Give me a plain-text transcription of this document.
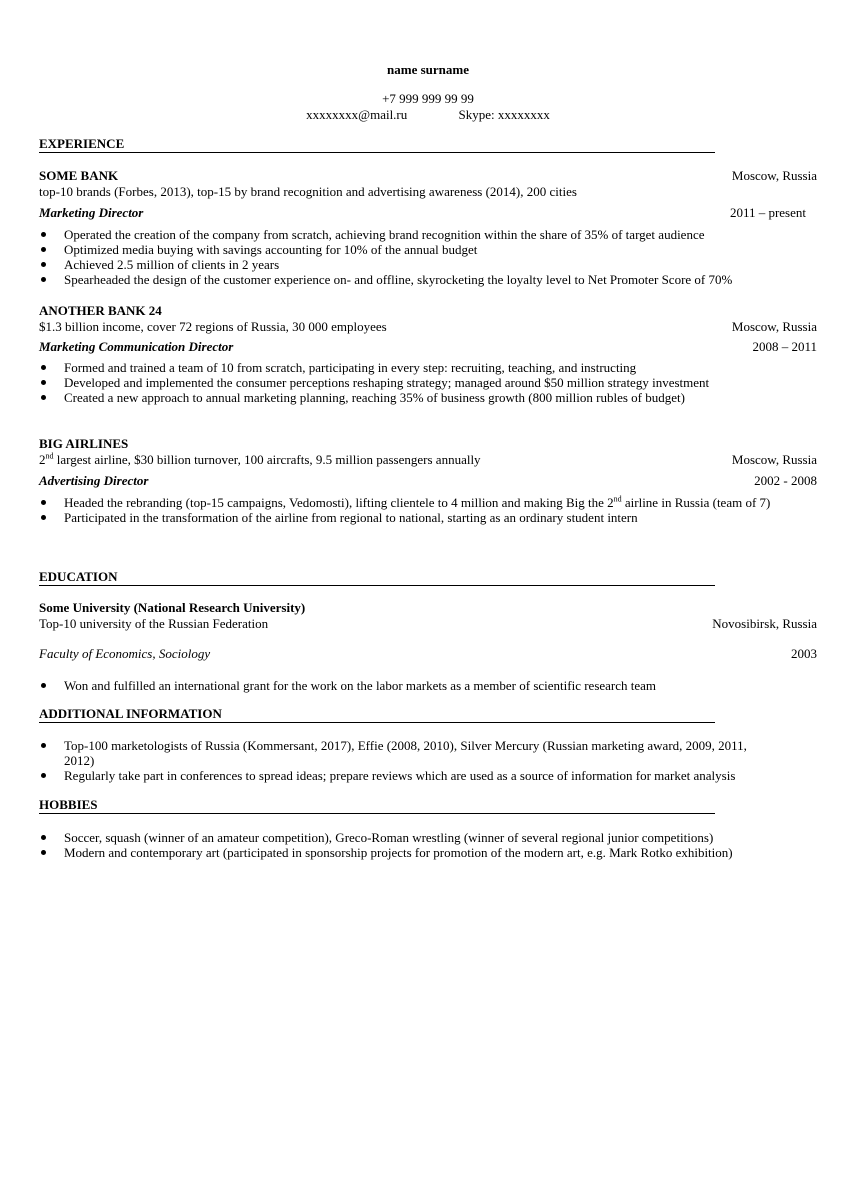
name surname
+7 999 999 99 99
xxxxxxxx@mail.ru	Skype: xxxxxxxx
EXPERIENCE
SOME BANK	Moscow, Russia
top-10 brands (Forbes, 2013), top-15 by brand recognition and advertising awareness (2014), 200 cities
Marketing Director	2011 – present
Operated the creation of the company from scratch, achieving brand recognition within the share of 35% of target audience
Optimized media buying with savings accounting for 10% of the annual budget
Achieved 2.5 million of clients in 2 years
Spearheaded the design of the customer experience on- and offline, skyrocketing the loyalty level to Net Promoter Score of 70%
ANOTHER BANK 24
$1.3 billion income, cover 72 regions of Russia, 30 000 employees	Moscow, Russia
Marketing Communication Director	2008 – 2011
Formed and trained a team of 10 from scratch, participating in every step: recruiting, teaching, and instructing
Developed and implemented the consumer perceptions reshaping strategy; managed around $50 million strategy investment
Created a new approach to annual marketing planning, reaching 35% of business growth (800 million rubles of budget)
BIG AIRLINES
2nd largest airline, $30 billion turnover, 100 aircrafts, 9.5 million passengers annually	Moscow, Russia
Advertising Director	2002 - 2008
Headed the rebranding (top-15 campaigns, Vedomosti), lifting clientele to 4 million and making Big the 2nd airline in Russia (team of 7)
Participated in the transformation of the airline from regional to national, starting as an ordinary student intern
EDUCATION
Some University (National Research University)
Top-10 university of the Russian Federation	Novosibirsk, Russia
Faculty of Economics, Sociology	2003
Won and fulfilled an international grant for the work on the labor markets as a member of scientific research team
ADDITIONAL INFORMATION
Top-100 marketologists of Russia (Kommersant, 2017), Effie (2008, 2010), Silver Mercury (Russian marketing award, 2009, 2011, 2012)
Regularly take part in conferences to spread ideas; prepare reviews which are used as a source of information for market analysis
HOBBIES
Soccer, squash (winner of an amateur competition), Greco-Roman wrestling (winner of several regional junior competitions)
Modern and contemporary art (participated in sponsorship projects for promotion of the modern art, e.g. Mark Rotko exhibition)
